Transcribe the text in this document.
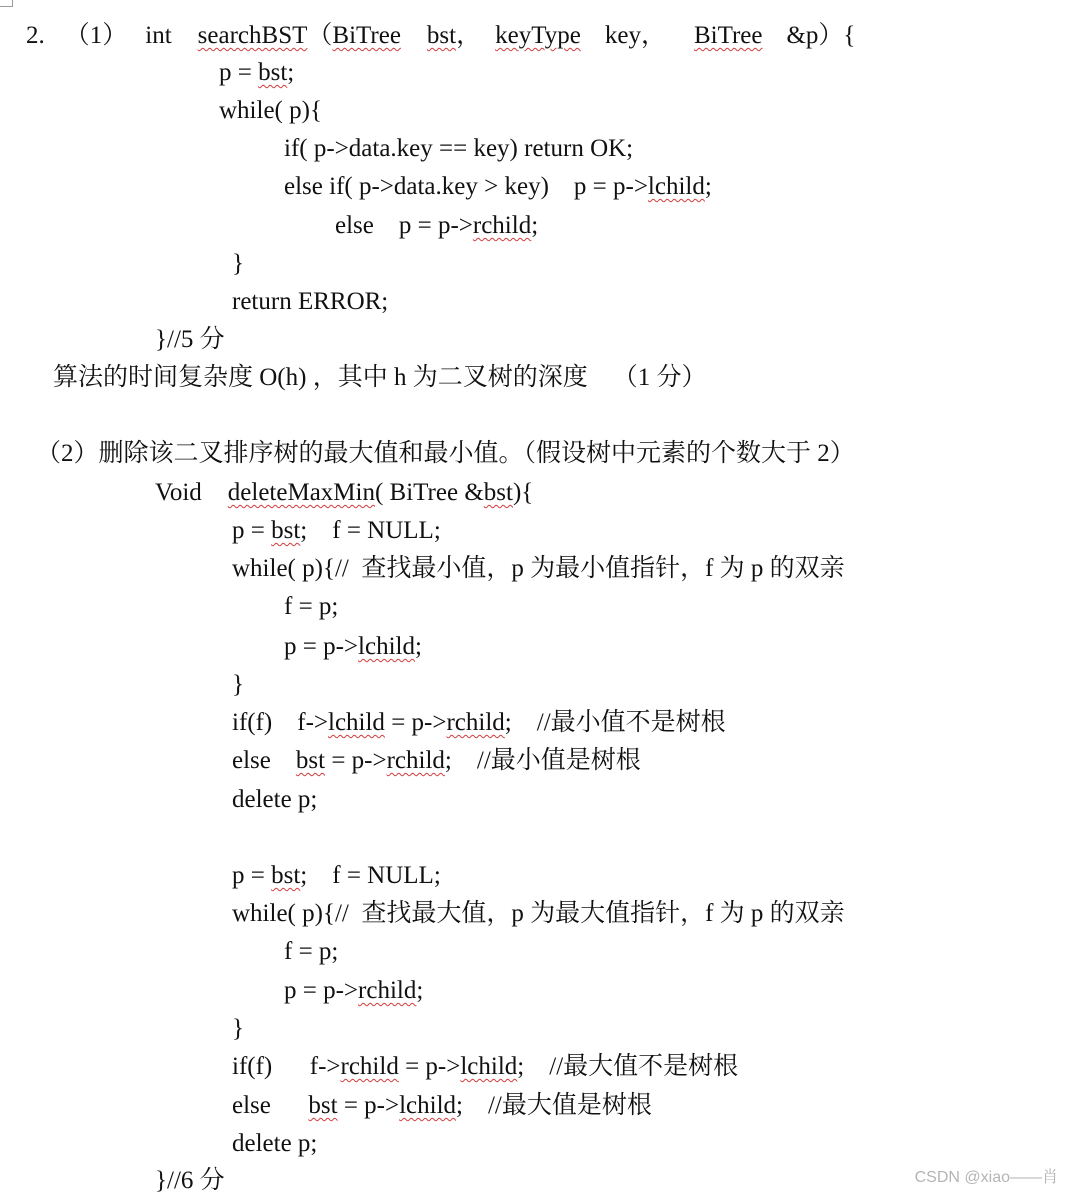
2. （1） int searchBST（BiTree bst， keyType key， BiTree &p）{
p = bst;
while( p){
if( p->data.key == key) return OK;
else if( p->data.key > key)    p = p->lchild;
else    p = p->rchild;
}
return ERROR;
}//5 分
算法的时间复杂度 O(h) ，其中 h 为二叉树的深度    （1 分）
（2）删除该二叉排序树的最大值和最小值。（假设树中元素的个数大于 2）
Void deleteMaxMin( BiTree &bst){
p = bst;    f = NULL;
while( p){//  查找最小值，p 为最小值指针，f 为 p 的双亲
f = p;
p = p->lchild;
}
if(f)    f->lchild = p->rchild;    //最小值不是树根
else    bst = p->rchild;    //最小值是树根
delete p;
p = bst;    f = NULL;
while( p){//  查找最大值，p 为最大值指针，f 为 p 的双亲
f = p;
p = p->rchild;
}
if(f)      f->rchild = p->lchild;    //最大值不是树根
else      bst = p->lchild;    //最大值是树根
delete p;
}//6 分	CSDN @xiao——肖
